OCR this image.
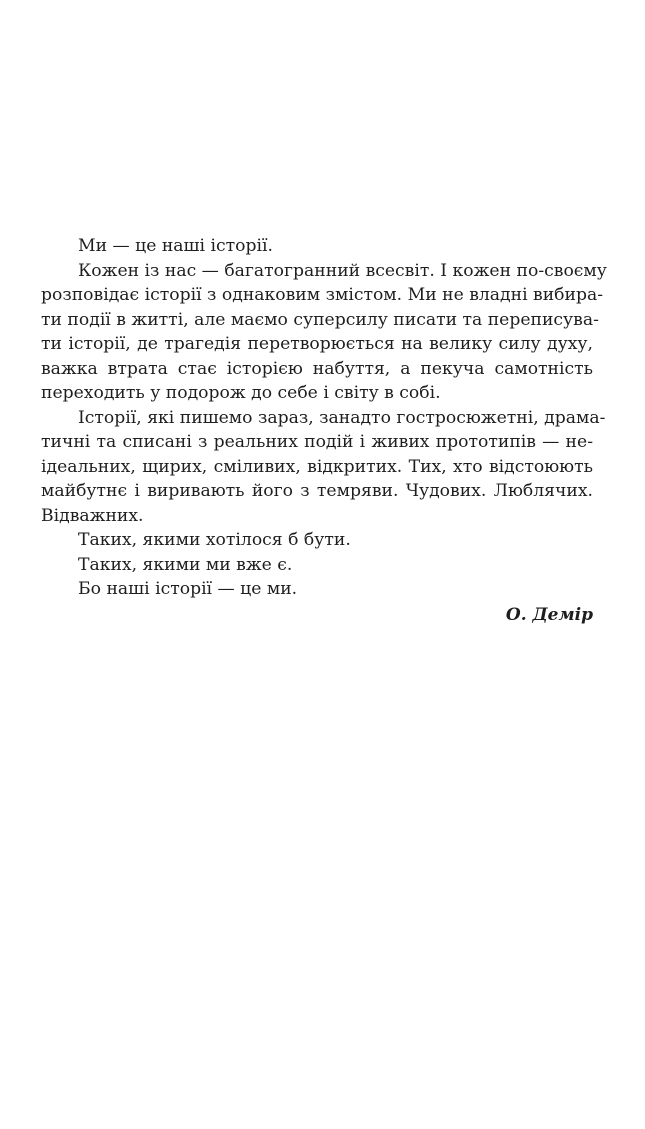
Ми — це наші історії.
Кожен із нас — багатогранний всесвіт. І кожен по-своєму
розповідає історії з однаковим змістом. Ми не владні вибира-
ти події в житті, але маємо суперсилу писати та переписува-
ти історії, де трагедія перетворюється на велику силу духу,
важка втрата стає історією набуття, а пекуча самотність
переходить у подорож до себе і світу в собі.
Історії, які пишемо зараз, занадто гостросюжетні, драма-
тичні та списані з реальних подій і живих прототипів — не-
ідеальних, щирих, сміливих, відкритих. Тих, хто відстоюють
майбутнє і виривають його з темряви. Чудових. Люблячих.
Відважних.
Таких, якими хотілося б бути.
Таких, якими ми вже є.
Бо наші історії — це ми.
О. Демір
